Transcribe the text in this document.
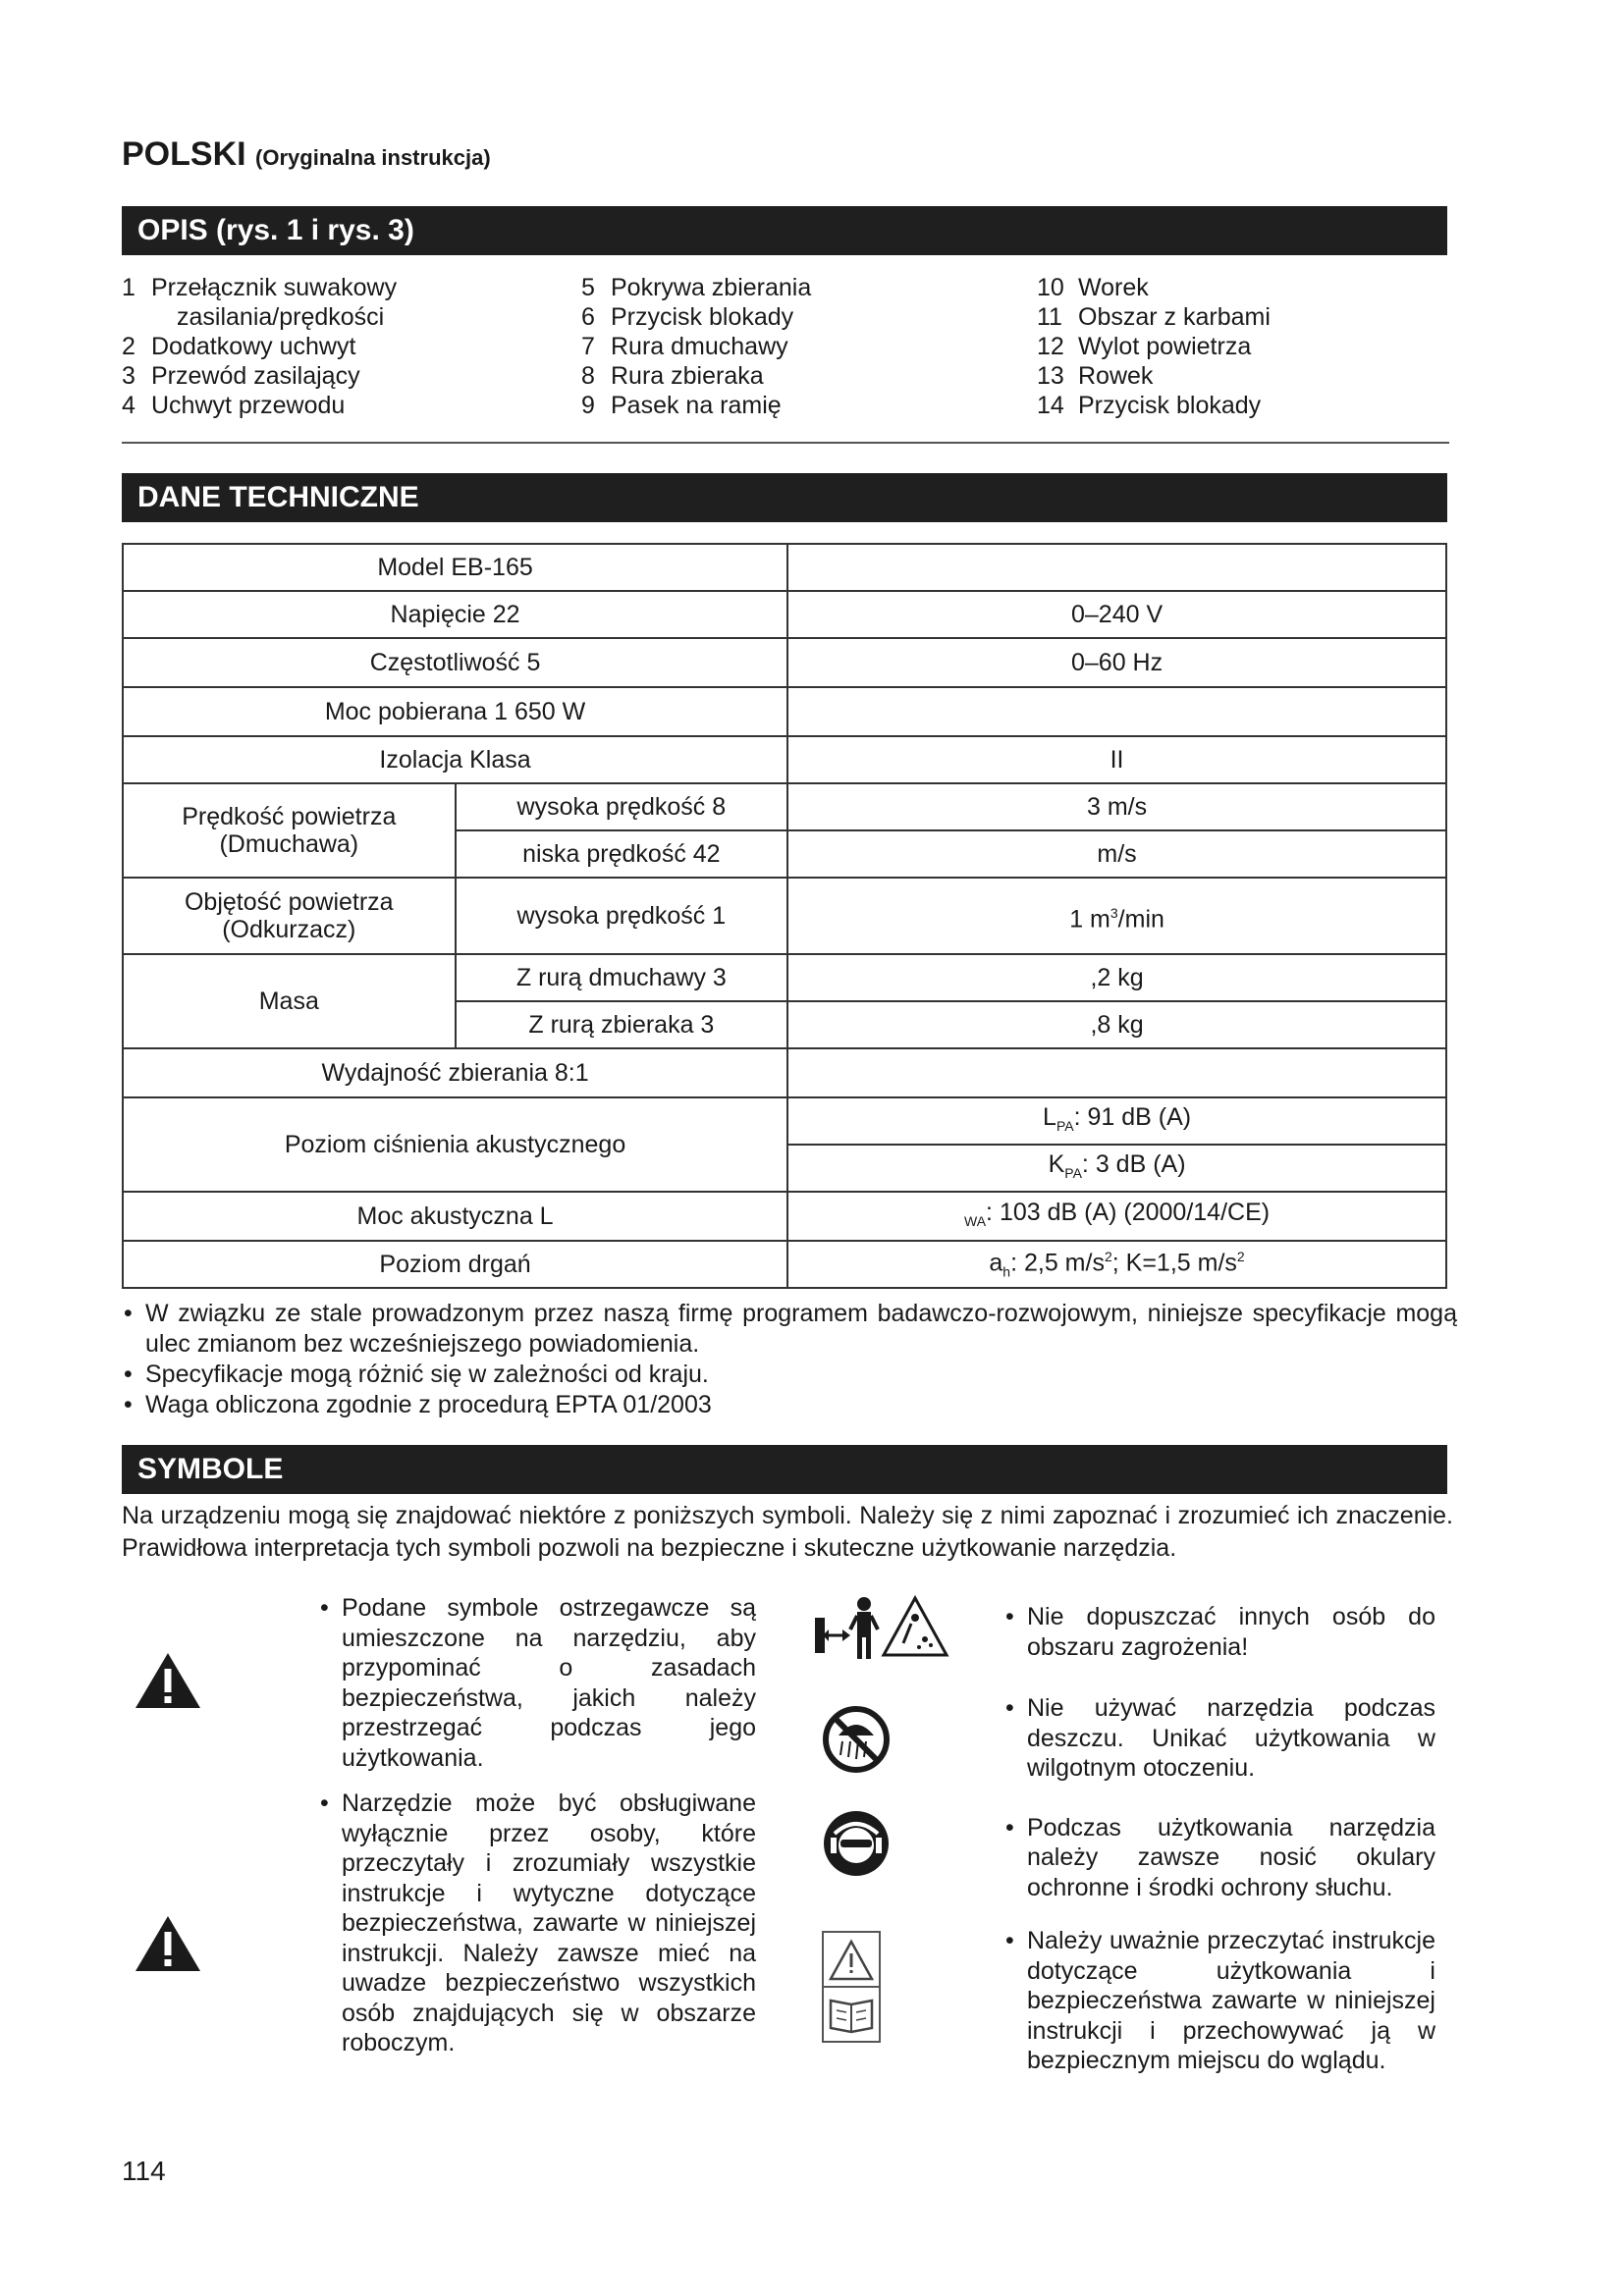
POLSKI (Oryginalna instrukcja)
OPIS (rys. 1 i rys. 3)
1 Przełącznik suwakowy
zasilania/prędkości
2 Dodatkowy uchwyt
3 Przewód zasilający
4 Uchwyt przewodu
5 Pokrywa zbierania
6 Przycisk blokady
7 Rura dmuchawy
8 Rura zbieraka
9 Pasek na ramię
10 Worek
11 Obszar z karbami
12 Wylot powietrza
13 Rowek
14 Przycisk blokady
DANE TECHNICZNE
Model EB-165		
Napięcie 22		0–240 V
Częstotliwość 5		0–60 Hz
Moc pobierana 1 650 W		
Izolacja Klasa		II

Prędkość powietrza
(Dmuchawa)	wysoka prędkość 8	3 m/s
	niska prędkość 42	m/s

Objętość powietrza
(Odkurzacz)	wysoka prędkość 1	1 $m^3/\min$
Masa	Z rurą dmuchawy 3	,2 kg
	Z rurą zbieraka 3	,8 kg
Wydajność zbierania 8:1		
Poziom ciśnienia akustycznego		$L_{PA}$: 91 dB (A)
		$K_{PA}$: 3 dB (A)
Moc akustyczna L		$_{WA}$: 103 dB (A) (2000/14/CE)
Poziom drgań		$a_h$: 2,5 $m/s^2$; K=1,5 $m/s^2$
• W związku ze stale prowadzonym przez naszą firmę programem badawczo-rozwojowym, niniejsze specyfikacje mogą ulec zmianom bez wcześniejszego powiadomienia.
• Specyfikacje mogą różnić się w zależności od kraju.
• Waga obliczona zgodnie z procedurą EPTA 01/2003
SYMBOLE
Na urządzeniu mogą się znajdować niektóre z poniższych symboli. Należy się z nimi zapoznać i zrozumieć ich znaczenie. Prawidłowa interpretacja tych symboli pozwoli na bezpieczne i skuteczne użytkowanie narzędzia.
• Podane symbole ostrzegawcze są umieszczone na narzędziu, aby przypominać o zasadach bezpieczeństwa, jakich należy przestrzegać podczas jego użytkowania.
• Narzędzie może być obsługiwane wyłącznie przez osoby, które przeczytały i zrozumiały wszystkie instrukcje i wytyczne dotyczące bezpieczeństwa, zawarte w niniejszej instrukcji. Należy zawsze mieć na uwadze bezpieczeństwo wszystkich osób znajdujących się w obszarze roboczym.
• Nie dopuszczać innych osób do obszaru zagrożenia!
• Nie używać narzędzia podczas deszczu. Unikać użytkowania w wilgotnym otoczeniu.
• Podczas użytkowania narzędzia należy zawsze nosić okulary ochronne i środki ochrony słuchu.
• Należy uważnie przeczytać instrukcje dotyczące użytkowania i bezpieczeństwa zawarte w niniejszej instrukcji i przechowywać ją w bezpiecznym miejscu do wglądu.
114
